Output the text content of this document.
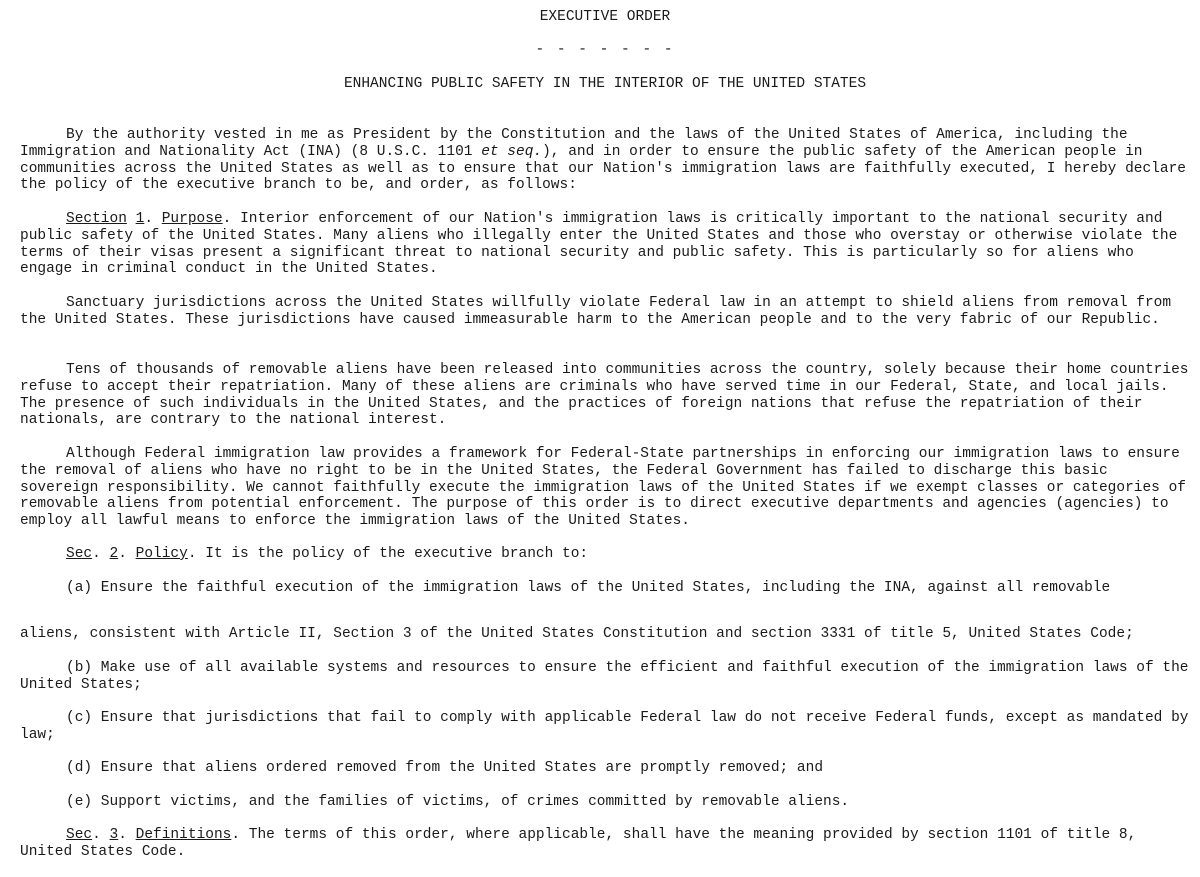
EXECUTIVE ORDER
- - - - - - -
ENHANCING PUBLIC SAFETY IN THE INTERIOR OF THE UNITED STATES

By the authority vested in me as President by the Constitution and the laws of the United States of America, including the Immigration and Nationality Act (INA) (8 U.S.C. 1101 et seq.), and in order to ensure the public safety of the American people in communities across the United States as well as to ensure that our Nation's immigration laws are faithfully executed, I hereby declare the policy of the executive branch to be, and order, as follows:

Section 1. Purpose. Interior enforcement of our Nation's immigration laws is critically important to the national security and public safety of the United States. Many aliens who illegally enter the United States and those who overstay or otherwise violate the terms of their visas present a significant threat to national security and public safety. This is particularly so for aliens who engage in criminal conduct in the United States.

Sanctuary jurisdictions across the United States willfully violate Federal law in an attempt to shield aliens from removal from the United States. These jurisdictions have caused immeasurable harm to the American people and to the very fabric of our Republic.

Tens of thousands of removable aliens have been released into communities across the country, solely because their home countries refuse to accept their repatriation. Many of these aliens are criminals who have served time in our Federal, State, and local jails. The presence of such individuals in the United States, and the practices of foreign nations that refuse the repatriation of their nationals, are contrary to the national interest.

Although Federal immigration law provides a framework for Federal-State partnerships in enforcing our immigration laws to ensure the removal of aliens who have no right to be in the United States, the Federal Government has failed to discharge this basic sovereign responsibility. We cannot faithfully execute the immigration laws of the United States if we exempt classes or categories of removable aliens from potential enforcement. The purpose of this order is to direct executive departments and agencies (agencies) to employ all lawful means to enforce the immigration laws of the United States.

Sec. 2. Policy. It is the policy of the executive branch to:

(a) Ensure the faithful execution of the immigration laws of the United States, including the INA, against all removable

aliens, consistent with Article II, Section 3 of the United States Constitution and section 3331 of title 5, United States Code;

(b) Make use of all available systems and resources to ensure the efficient and faithful execution of the immigration laws of the United States;

(c) Ensure that jurisdictions that fail to comply with applicable Federal law do not receive Federal funds, except as mandated by law;

(d) Ensure that aliens ordered removed from the United States are promptly removed; and

(e) Support victims, and the families of victims, of crimes committed by removable aliens.

Sec. 3. Definitions. The terms of this order, where applicable, shall have the meaning provided by section 1101 of title 8, United States Code.
